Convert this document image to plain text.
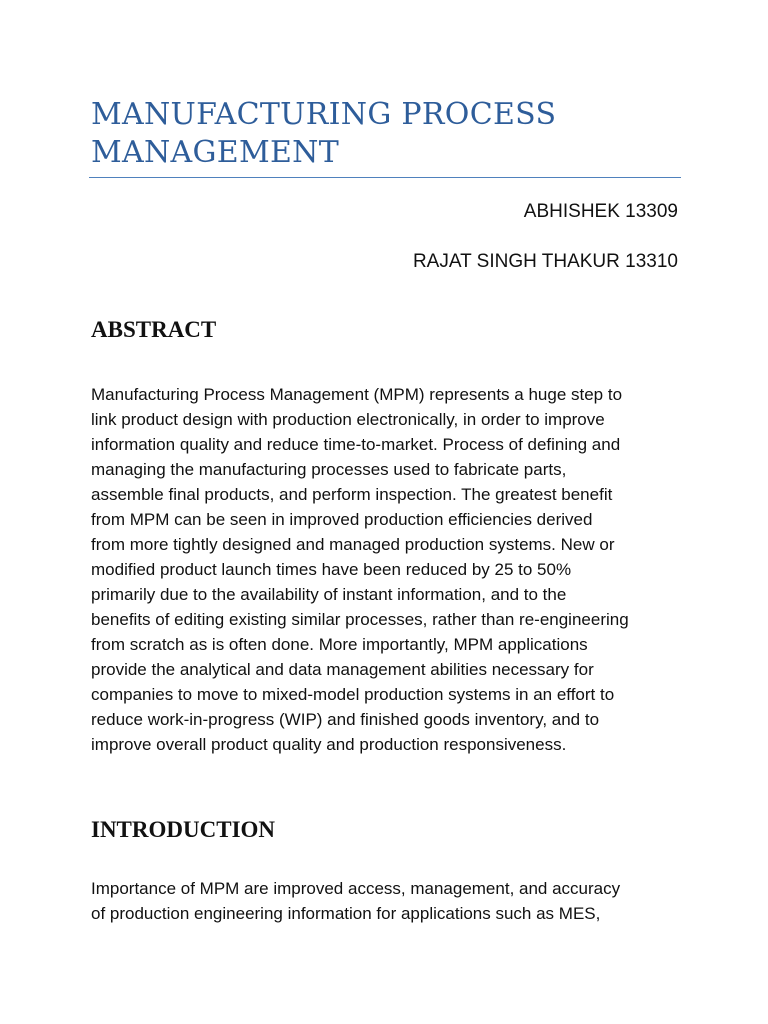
MANUFACTURING PROCESS
MANAGEMENT

ABHISHEK 13309

RAJAT SINGH THAKUR 13310

ABSTRACT

Manufacturing Process Management (MPM) represents a huge step to
link product design with production electronically, in order to improve
information quality and reduce time-to-market. Process of defining and
managing the manufacturing processes used to fabricate parts,
assemble final products, and perform inspection. The greatest benefit
from MPM can be seen in improved production efficiencies derived
from more tightly designed and managed production systems. New or
modified product launch times have been reduced by 25 to 50%
primarily due to the availability of instant information, and to the
benefits of editing existing similar processes, rather than re-engineering
from scratch as is often done. More importantly, MPM applications
provide the analytical and data management abilities necessary for
companies to move to mixed-model production systems in an effort to
reduce work-in-progress (WIP) and finished goods inventory, and to
improve overall product quality and production responsiveness.

INTRODUCTION

Importance of MPM are improved access, management, and accuracy
of production engineering information for applications such as MES,
